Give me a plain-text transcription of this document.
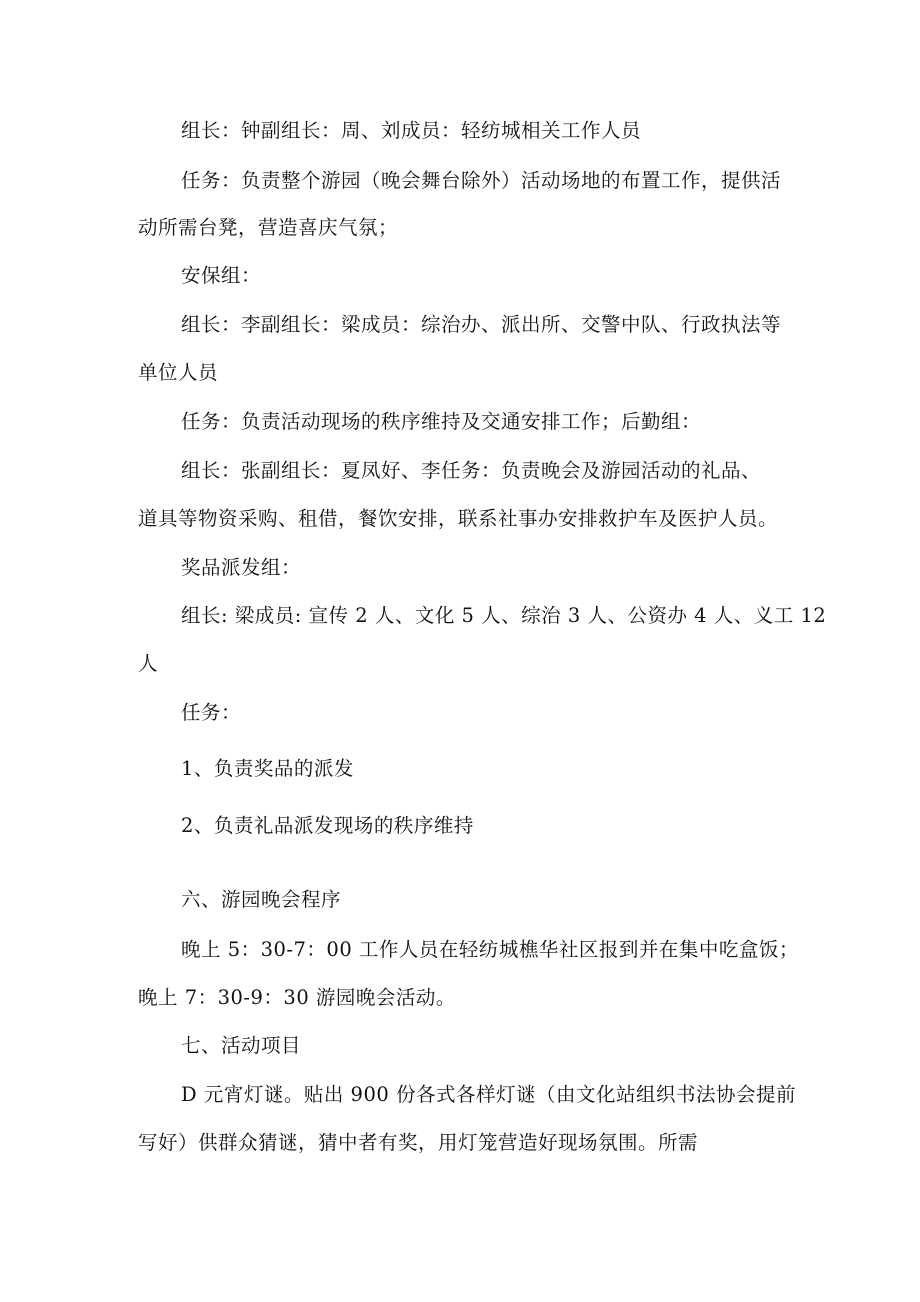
组长：钟副组长：周、刘成员：轻纺城相关工作人员
任务：负责整个游园（晚会舞台除外）活动场地的布置工作，提供活
动所需台凳，营造喜庆气氛；
安保组：
组长：李副组长：梁成员：综治办、派出所、交警中队、行政执法等
单位人员
任务：负责活动现场的秩序维持及交通安排工作；后勤组：
组长：张副组长：夏凤好、李任务：负责晚会及游园活动的礼品、
道具等物资采购、租借，餐饮安排，联系社事办安排救护车及医护人员。
奖品派发组：
组长: 梁成员: 宣传 2 人、文化 5 人、综治 3 人、公资办 4 人、义工 12
人
任务：
1、负责奖品的派发
2、负责礼品派发现场的秩序维持
六、游园晚会程序
晚上 5：30-7：00 工作人员在轻纺城樵华社区报到并在集中吃盒饭；
晚上 7：30-9：30 游园晚会活动。
七、活动项目
D 元宵灯谜。贴出 900 份各式各样灯谜（由文化站组织书法协会提前
写好）供群众猜谜，猜中者有奖，用灯笼营造好现场氛围。所需
